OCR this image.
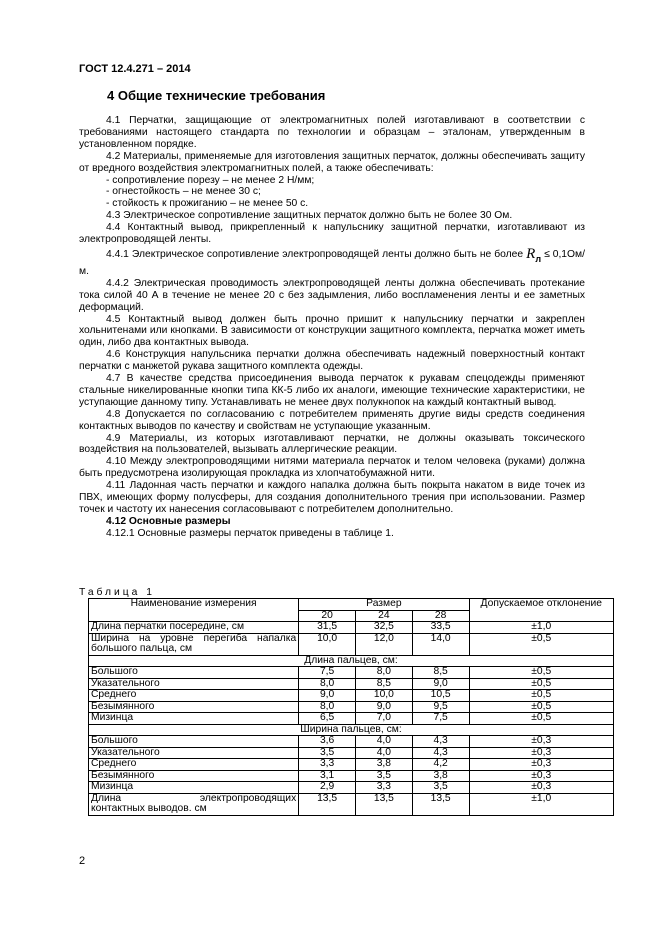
ГОСТ 12.4.271 – 2014
4 Общие технические требования

4.1 Перчатки, защищающие от электромагнитных полей изготавливают в соответствии с требованиями настоящего стандарта по технологии и образцам – эталонам, утвержденным в установленном порядке.

4.2 Материалы, применяемые для изготовления защитных перчаток, должны обеспечивать защиту от вредного воздействия электромагнитных полей, а также обеспечивать:

- сопротивление порезу – не менее 2 Н/мм;

- огнестойкость – не менее 30 с;

- стойкость к прожиганию – не менее 50 с.

4.3 Электрическое сопротивление защитных перчаток должно быть не более 30 Ом.

4.4 Контактный вывод, прикрепленный к напульснику защитной перчатки, изготавливают из электропроводящей ленты.

4.4.1 Электрическое сопротивление электропроводящей ленты должно быть не более $R_л \le 0,1Ом/м$.

4.4.2 Электрическая проводимость электропроводящей ленты должна обеспечивать протекание тока силой 40 А в течение не менее 20 с без задымления, либо воспламенения ленты и ее заметных деформаций.

4.5 Контактный вывод должен быть прочно пришит к напульснику перчатки и закреплен хольнитенами или кнопками. В зависимости от конструкции защитного комплекта, перчатка может иметь один, либо два контактных вывода.

4.6 Конструкция напульсника перчатки должна обеспечивать надежный поверхностный контакт перчатки с манжетой рукава защитного комплекта одежды.

4.7 В качестве средства присоединения вывода перчаток к рукавам спецодежды применяют стальные никелированные кнопки типа КК-5 либо их аналоги, имеющие технические характеристики, не уступающие данному типу. Устанавливать не менее двух полукнопок на каждый контактный вывод.

4.8 Допускается по согласованию с потребителем применять другие виды средств соединения контактных выводов по качеству и свойствам не уступающие указанным.

4.9 Материалы, из которых изготавливают перчатки, не должны оказывать токсического воздействия на пользователей, вызывать аллергические реакции.

4.10 Между электропроводящими нитями материала перчаток и телом человека (руками) должна быть предусмотрена изолирующая прокладка из хлопчатобумажной нити.

4.11 Ладонная часть перчатки и каждого напалка должна быть покрыта накатом в виде точек из ПВХ, имеющих форму полусферы, для создания дополнительного трения при использовании. Размер точек и частоту их нанесения согласовывают с потребителем дополнительно.

4.12 Основные размеры

4.12.1 Основные размеры перчаток приведены в таблице 1.

Таблица 1
Наименование измерения	Размер			Допускаемое отклонение
	20	24	28	
Длина перчатки посередине, см	31,5	32,5	33,5	±1,0
Ширина на уровне перегиба напалка большого пальца, см	10,0	12,0	14,0	±0,5
Длина пальцев, см:				
Большого	7,5	8,0	8,5	±0,5
Указательного	8,0	8,5	9,0	±0,5
Среднего	9,0	10,0	10,5	±0,5
Безымянного	8,0	9,0	9,5	±0,5
Мизинца	6,5	7,0	7,5	±0,5
Ширина пальцев, см:				
Большого	3,6	4,0	4,3	±0,3
Указательного	3,5	4,0	4,3	±0,3
Среднего	3,3	3,8	4,2	±0,3
Безымянного	3,1	3,5	3,8	±0,3
Мизинца	2,9	3,3	3,5	±0,3

Длина электропроводящих
контактных выводов. см	13,5	13,5	13,5	±1,0
2
